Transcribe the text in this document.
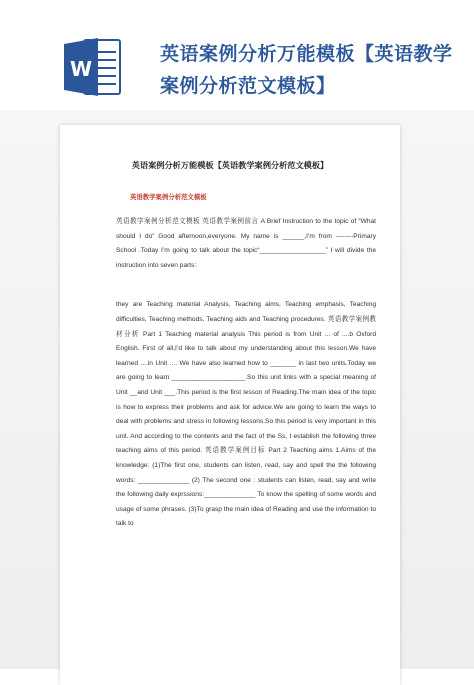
W
英语案例分析万能模板【英语教学案例分析范文模板】
英语案例分析万能模板【英语教学案例分析范文模板】
英语教学案例分析范文模板

英语教学案例分析范文模板 英语教学案例前言 A Brief Instruction to the topic of “What should I do” Good afternoon,everyone. My name is ______,I’m from --------Primary School .Today I’m going to talk about the topic“__________________” I will divide the instruction into seven parts：

they are Teaching material Analysis, Teaching aims, Teaching emphasis, Teaching difficulties, Teaching methods, Teaching aids and Teaching procedures. 英语教学案例教材分析 Part 1 Teaching material analysis This period is from Unit ... of ....b Oxford English. First of all,I’d like to talk about my understanding about this lesson.We have learned ....in Unit .... We have also learned how to _______ in last two units.Today we are going to learn ____________________.So this unit links with a special meaning of Unit __and Unit ___.This period is the first lesson of Reading.The main idea of the topic is how to express their problems and ask for advice.We are going to learn the ways to deal with problems and stress in following lessons.So this period is very important in this unit. And according to the contents and the fact of the Ss, I establish the following three teaching aims of this period. 英语教学案例目标 Part 2 Teaching aims 1.Aims of the knowledge: (1)The first one, students can listen, read, say and spell the the following words: ______________ (2) The second one : students can listen, read, say and write the following daily exprssions:______________ To know the spelling of some words and usage of some phrases. (3)To grasp the main idea of Reading and use the information to talk to
